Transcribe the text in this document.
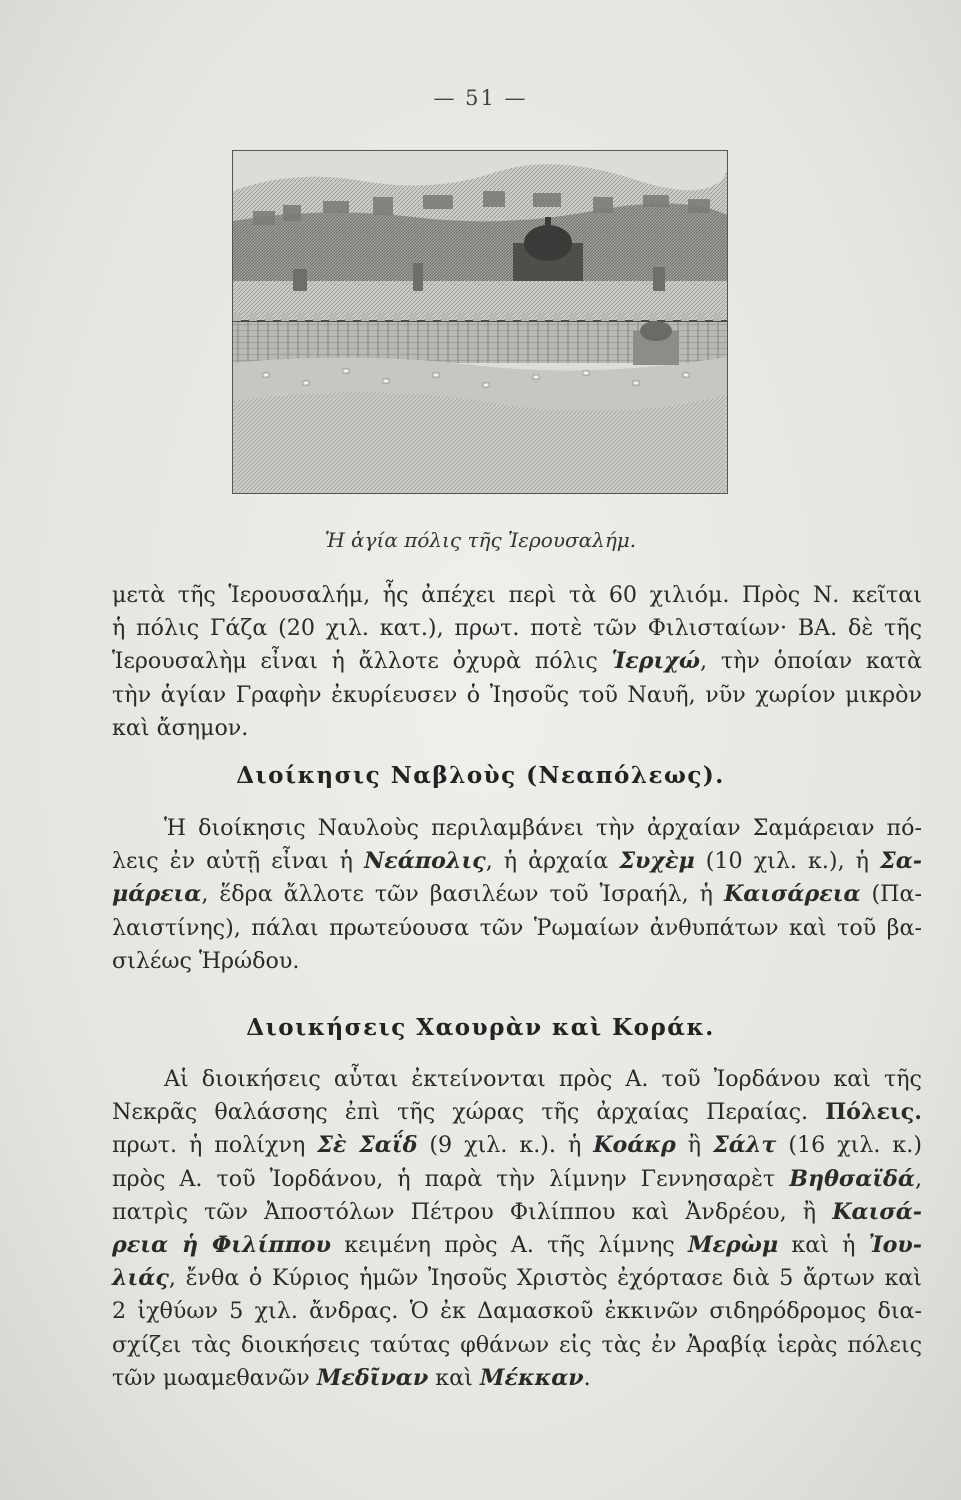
— 51 —
Ἡ ἁγία πόλις τῆς Ἱερουσαλήμ.

μετὰ τῆς Ἱερουσαλήμ, ἧς ἀπέχει περὶ τὰ 60 χιλιόμ. Πρὸς Ν. κεῖται
ἡ πόλις Γάζα (20 χιλ. κατ.), πρωτ. ποτὲ τῶν Φιλισταίων· ΒΑ. δὲ τῆς
Ἱερουσαλὴμ εἶναι ἡ ἄλλοτε ὀχυρὰ πόλις Ἱεριχώ, τὴν ὁποίαν κατὰ
τὴν ἁγίαν Γραφὴν ἐκυρίευσεν ὁ Ἰησοῦς τοῦ Ναυῆ, νῦν χωρίον μικρὸν
καὶ ἄσημον.

Διοίκησις Ναβλοὺς (Νεαπόλεως).

Ἡ διοίκησις Ναυλοὺς περιλαμβάνει τὴν ἀρχαίαν Σαμάρειαν πό-
λεις ἐν αὐτῇ εἶναι ἡ Νεάπολις, ἡ ἀρχαία Συχὲμ (10 χιλ. κ.), ἡ Σα-
μάρεια, ἕδρα ἄλλοτε τῶν βασιλέων τοῦ Ἰσραήλ, ἡ Καισάρεια (Πα-
λαιστίνης), πάλαι πρωτεύουσα τῶν Ῥωμαίων ἀνθυπάτων καὶ τοῦ βα-
σιλέως Ἡρώδου.

Διοικήσεις Χαουρὰν καὶ Κοράκ.

Αἱ διοικήσεις αὗται ἐκτείνονται πρὸς Α. τοῦ Ἰορδάνου καὶ τῆς
Νεκρᾶς θαλάσσης ἐπὶ τῆς χώρας τῆς ἀρχαίας Περαίας. Πόλεις.
πρωτ. ἡ πολίχνη Σὲ Σαΐδ (9 χιλ. κ.). ἡ Κοάκρ ἢ Σάλτ (16 χιλ. κ.)
πρὸς Α. τοῦ Ἰορδάνου, ἡ παρὰ τὴν λίμνην Γεννησαρὲτ Βηθσαϊδά,
πατρὶς τῶν Ἀποστόλων Πέτρου Φιλίππου καὶ Ἀνδρέου, ἢ Καισά-
ρεια ἡ Φιλίππου κειμένη πρὸς Α. τῆς λίμνης Μερὼμ καὶ ἡ Ἰου-
λιάς, ἔνθα ὁ Κύριος ἡμῶν Ἰησοῦς Χριστὸς ἐχόρτασε διὰ 5 ἄρτων καὶ
2 ἰχθύων 5 χιλ. ἄνδρας. Ὁ ἐκ Δαμασκοῦ ἐκκινῶν σιδηρόδρομος δια-
σχίζει τὰς διοικήσεις ταύτας φθάνων εἰς τὰς ἐν Ἀραβίᾳ ἱερὰς πόλεις
τῶν μωαμεθανῶν Μεδῖναν καὶ Μέκκαν.
